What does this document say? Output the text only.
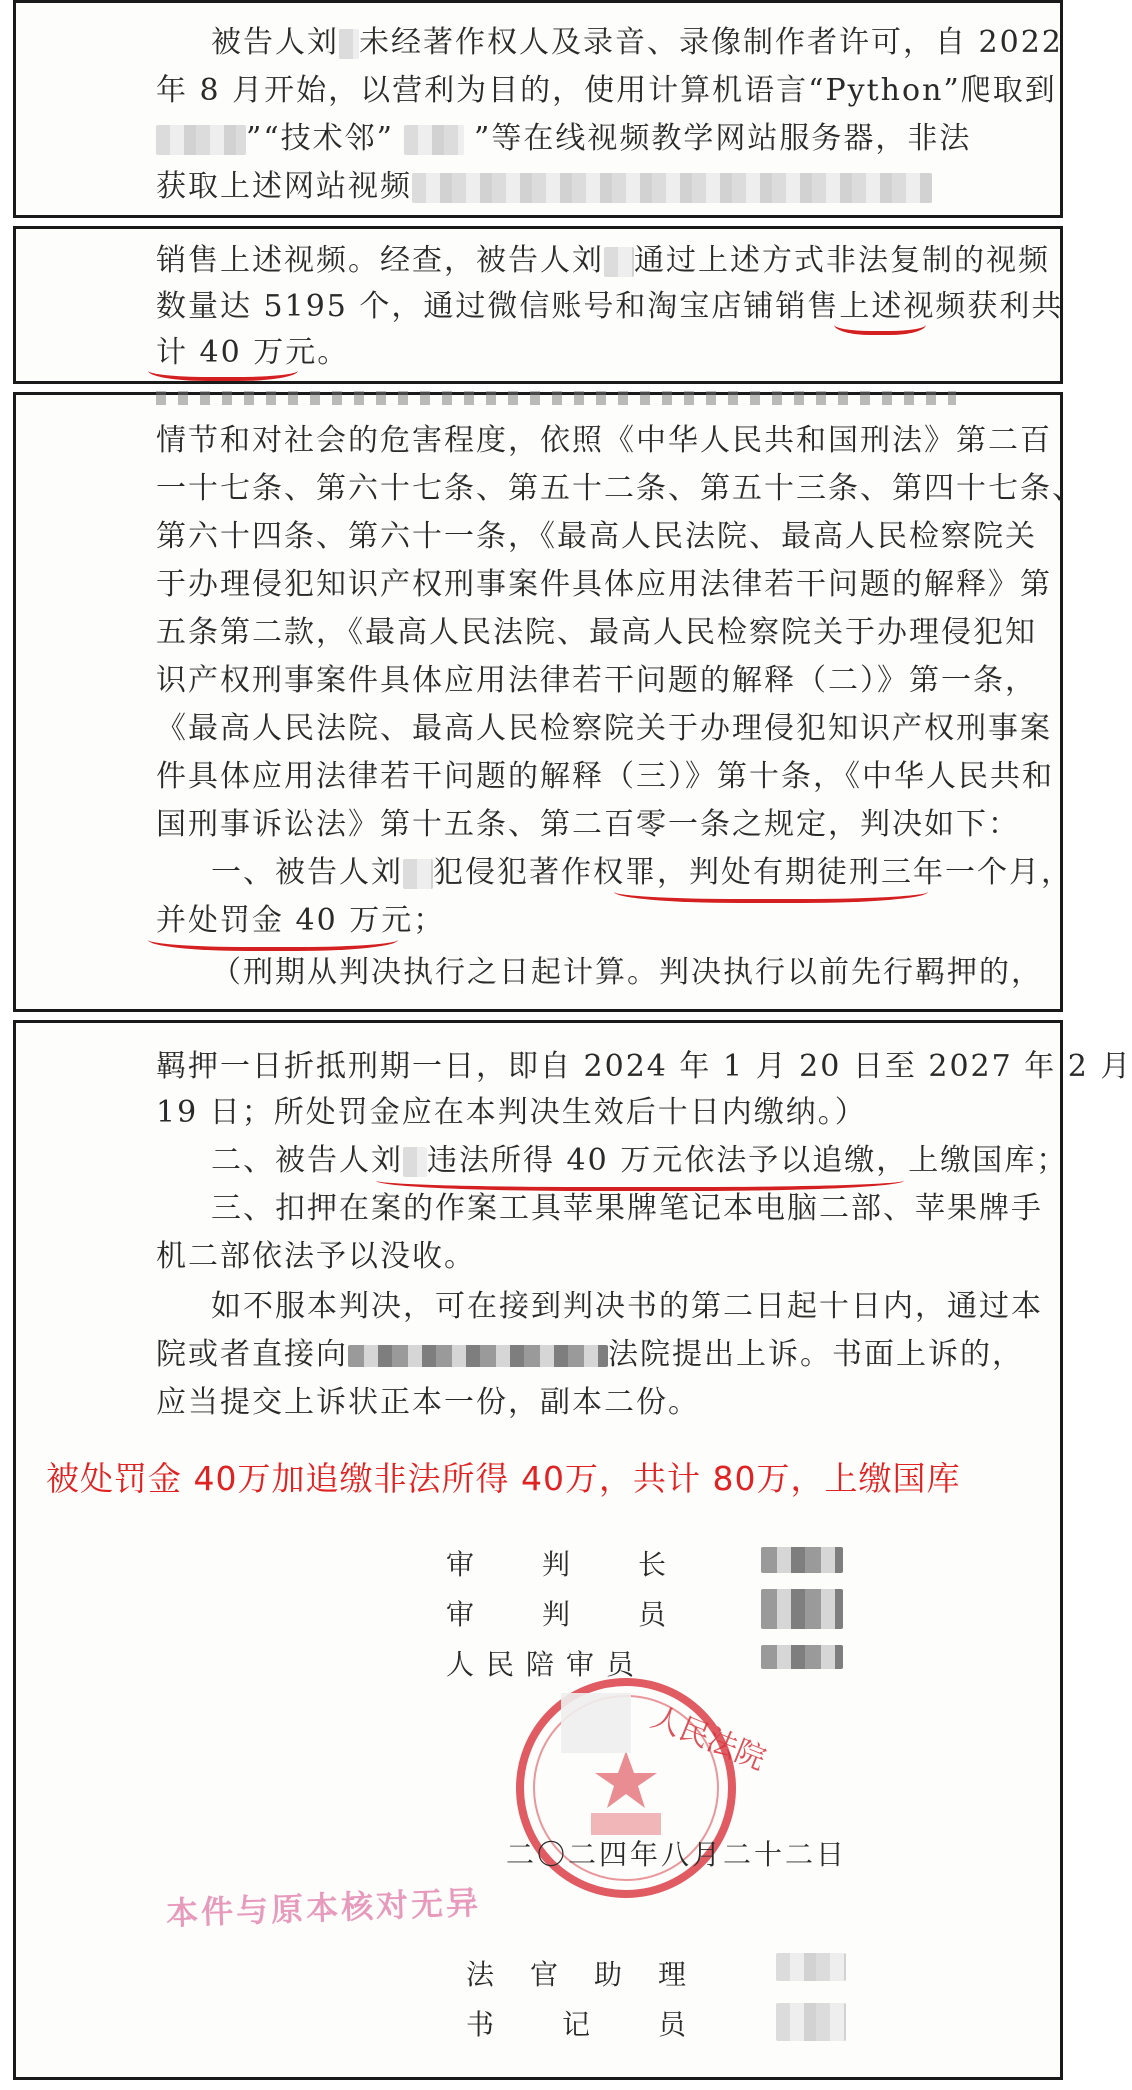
被告人刘 未经著作权人及录音、录像制作者许可，自 2022
年 8 月开始，以营利为目的，使用计算机语言“Python”爬取到
”“技术邻”	”等在线视频教学网站服务器，非法
获取上述网站视频
销售上述视频。经查，被告人刘 通过上述方式非法复制的视频
数量达 5195 个，通过微信账号和淘宝店铺销售上述视频获利共
计 40 万元。
情节和对社会的危害程度，依照《中华人民共和国刑法》第二百
一十七条、第六十七条、第五十二条、第五十三条、第四十七条、
第六十四条、第六十一条，《最高人民法院、最高人民检察院关
于办理侵犯知识产权刑事案件具体应用法律若干问题的解释》第
五条第二款，《最高人民法院、最高人民检察院关于办理侵犯知
识产权刑事案件具体应用法律若干问题的解释（二）》第一条，
《最高人民法院、最高人民检察院关于办理侵犯知识产权刑事案
件具体应用法律若干问题的解释（三）》第十条，《中华人民共和
国刑事诉讼法》第十五条、第二百零一条之规定，判决如下：
一、被告人刘 犯侵犯著作权罪，判处有期徒刑三年一个月，
并处罚金 40 万元；
（刑期从判决执行之日起计算。判决执行以前先行羁押的，
羁押一日折抵刑期一日，即自 2024 年 1 月 20 日至 2027 年 2 月
19 日；所处罚金应在本判决生效后十日内缴纳。）
二、被告人刘 违法所得 40 万元依法予以追缴，上缴国库；
三、扣押在案的作案工具苹果牌笔记本电脑二部、苹果牌手
机二部依法予以没收。
如不服本判决，可在接到判决书的第二日起十日内，通过本
院或者直接向	法院提出上诉。书面上诉的，
应当提交上诉状正本一份，副本二份。
被处罚金 40万加追缴非法所得 40万，共计 80万，上缴国库
审　　判　　长
审　　判　　员
人民陪审员
人民法院
二〇二四年八月二十二日
本件与原本核对无异
法　官　助　理
书　　记　　员
